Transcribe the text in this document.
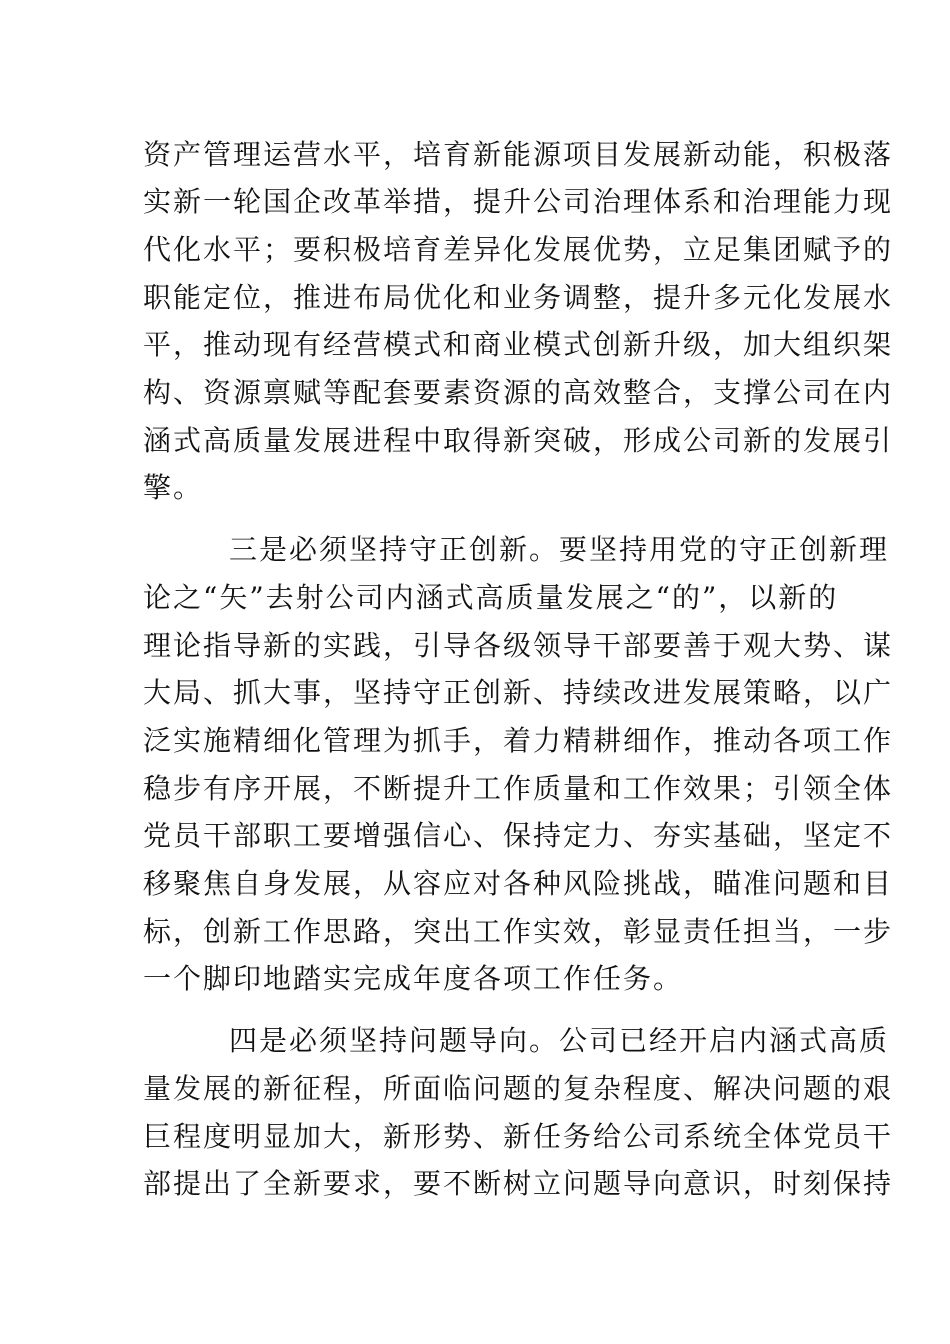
资产管理运营水平，培育新能源项目发展新动能，积极落
实新一轮国企改革举措，提升公司治理体系和治理能力现
代化水平；要积极培育差异化发展优势，立足集团赋予的
职能定位，推进布局优化和业务调整，提升多元化发展水
平，推动现有经营模式和商业模式创新升级，加大组织架
构、资源禀赋等配套要素资源的高效整合，支撑公司在内
涵式高质量发展进程中取得新突破，形成公司新的发展引
擎。
三是必须坚持守正创新。要坚持用党的守正创新理
论之“矢”去射公司内涵式高质量发展之“的”，以新的
理论指导新的实践，引导各级领导干部要善于观大势、谋
大局、抓大事，坚持守正创新、持续改进发展策略，以广
泛实施精细化管理为抓手，着力精耕细作，推动各项工作
稳步有序开展，不断提升工作质量和工作效果；引领全体
党员干部职工要增强信心、保持定力、夯实基础，坚定不
移聚焦自身发展，从容应对各种风险挑战，瞄准问题和目
标，创新工作思路，突出工作实效，彰显责任担当，一步
一个脚印地踏实完成年度各项工作任务。
四是必须坚持问题导向。公司已经开启内涵式高质
量发展的新征程，所面临问题的复杂程度、解决问题的艰
巨程度明显加大，新形势、新任务给公司系统全体党员干
部提出了全新要求，要不断树立问题导向意识，时刻保持
